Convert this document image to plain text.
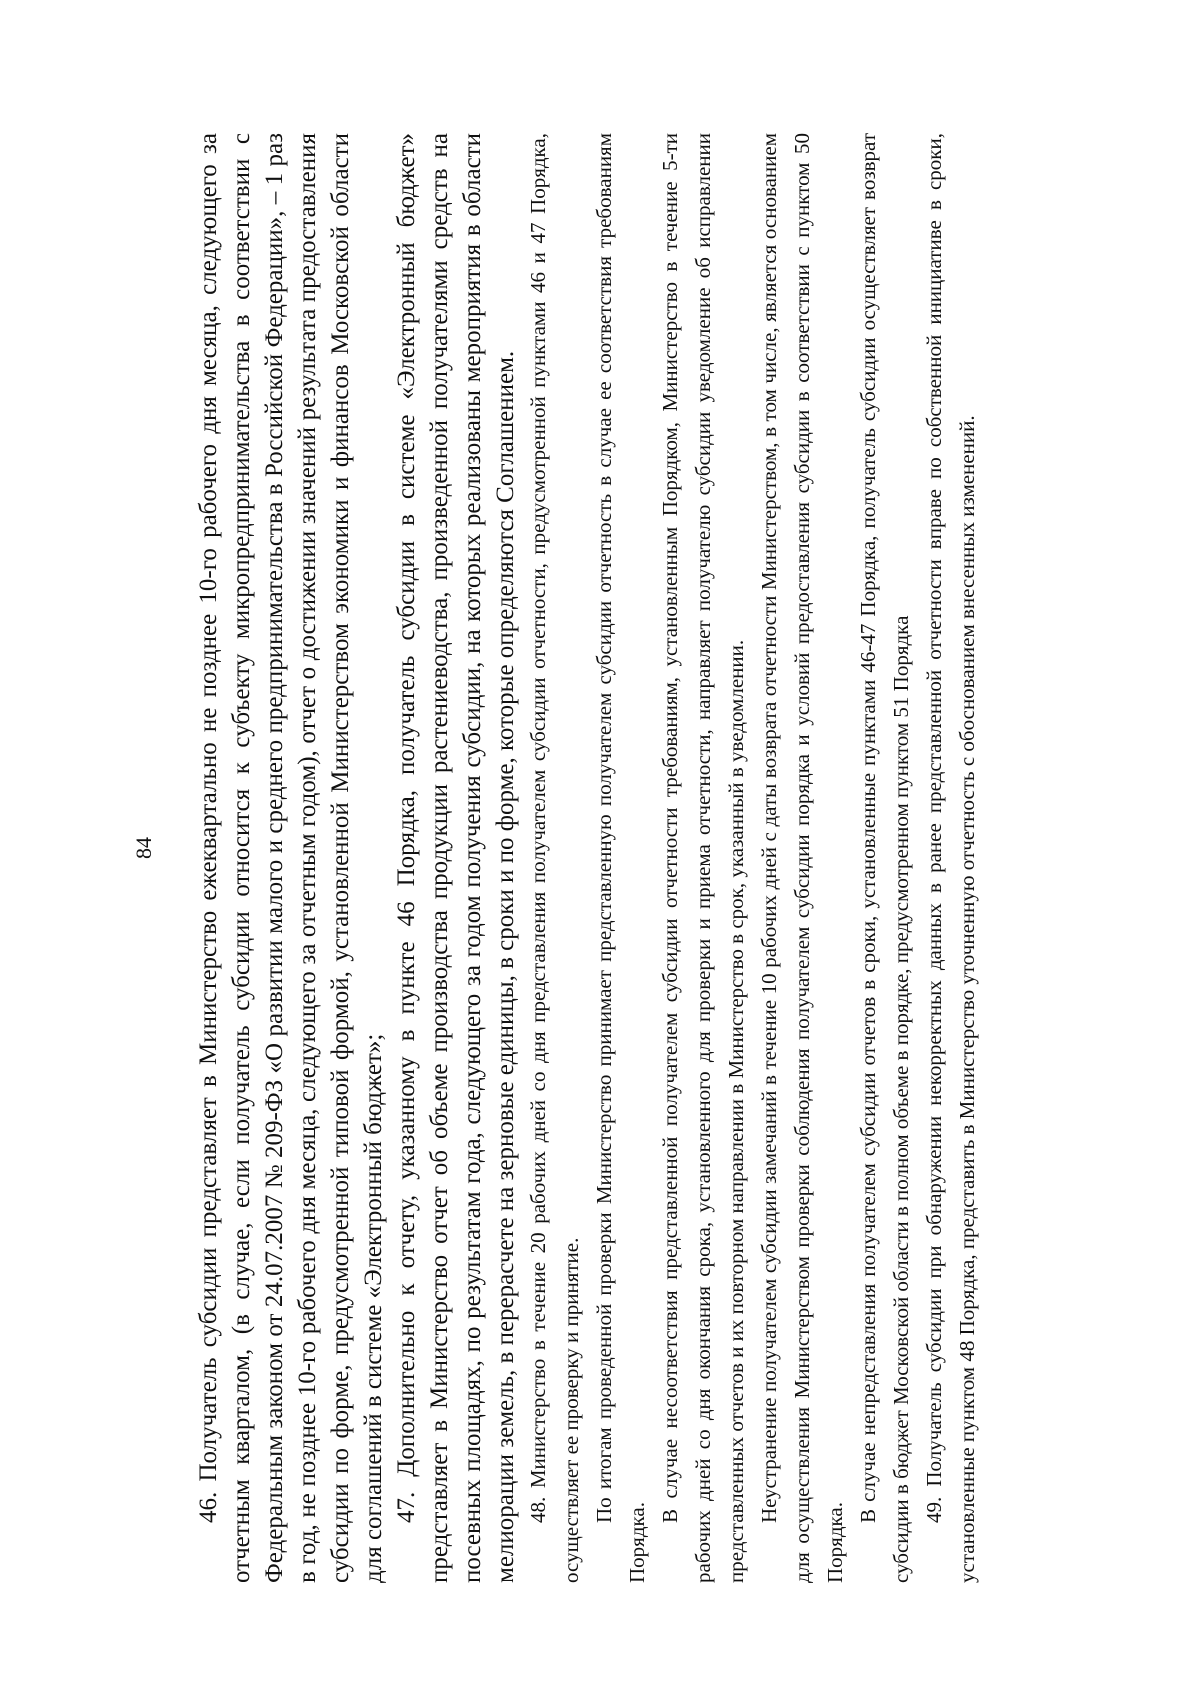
84 46. Получатель субсидии представляет в Министерство ежеквартально не позднее 10-го рабочего дня месяца, следующего за отчетным кварталом, (в случае, если получатель субсидии относится к субъекту микропредпринимательства в соответствии с Федеральным законом от 24.07.2007 № 209-ФЗ «О развитии малого и среднего предпринимательства в Российской Федерации», – 1 раз в год, не позднее 10-го рабочего дня месяца, следующего за отчетным годом), отчет о достижении значений результата предоставления субсидии по форме, предусмотренной типовой формой, установленной Министерством экономики и финансов Московской области для соглашений в системе «Электронный бюджет»; 47. Дополнительно к отчету, указанному в пункте 46 Порядка, получатель субсидии в системе «Электронный бюджет» представляет в Министерство отчет об объеме производства продукции растениеводства, произведенной получателями средств на посевных площадях, по результатам года, следующего за годом получения субсидии, на которых реализованы мероприятия в области мелиорации земель, в перерасчете на зерновые единицы, в сроки и по форме, которые определяются Соглашением. 48. Министерство в течение 20 рабочих дней со дня представления получателем субсидии отчетности, предусмотренной пунктами 46 и 47 Порядка, осуществляет ее проверку и принятие. По итогам проведенной проверки Министерство принимает представленную получателем субсидии отчетность в случае ее соответствия требованиям Порядка.

В случае несоответствия представленной получателем субсидии отчетности требованиям, установленным Порядком, Министерство в течение 5-ти рабочих дней со дня окончания срока, установленного для проверки и приема отчетности, направляет получателю субсидии уведомление об исправлении представленных отчетов и их повторном направлении в Министерство в срок, указанный в уведомлении. Неустранение получателем субсидии замечаний в течение 10 рабочих дней с даты возврата отчетности Министерством, в том числе, является основанием для осуществления Министерством проверки соблюдения получателем субсидии порядка и условий предоставления субсидии в соответствии с пунктом 50 Порядка.

В случае непредставления получателем субсидии отчетов в сроки, установленные пунктами 46-47 Порядка, получатель субсидии осуществляет возврат субсидии в бюджет Московской области в полном объеме в порядке, предусмотренном пунктом 51 Порядка 49. Получатель субсидии при обнаружении некорректных данных в ранее представленной отчетности вправе по собственной инициативе в сроки, установленные пунктом 48 Порядка, представить в Министерство уточненную отчетность с обоснованием внесенных изменений.
